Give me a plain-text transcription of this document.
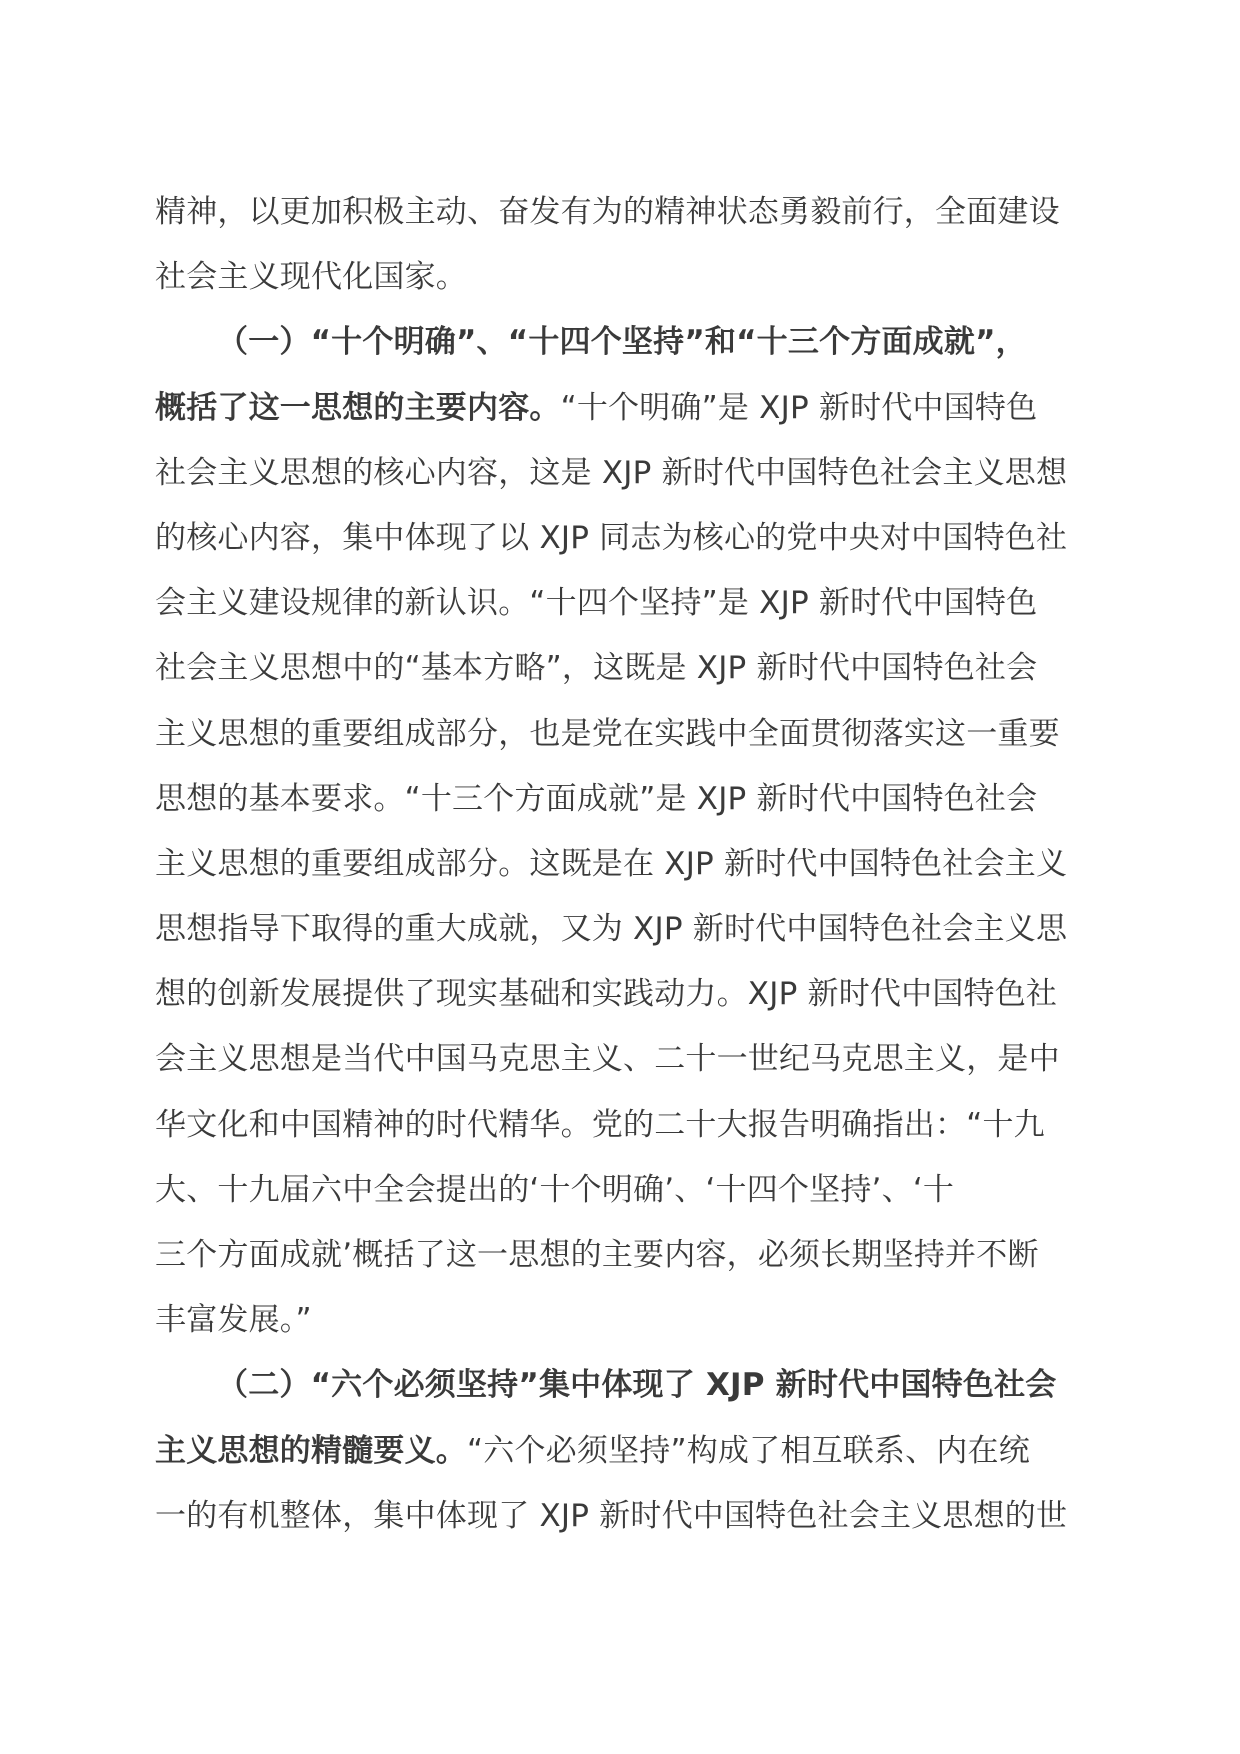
精神，以更加积极主动、奋发有为的精神状态勇毅前行，全面建设
社会主义现代化国家。
（一）“十个明确”、“十四个坚持”和“十三个方面成就”，
概括了这一思想的主要内容。“十个明确”是 XJP 新时代中国特色
社会主义思想的核心内容，这是 XJP 新时代中国特色社会主义思想
的核心内容，集中体现了以 XJP 同志为核心的党中央对中国特色社
会主义建设规律的新认识。“十四个坚持”是 XJP 新时代中国特色
社会主义思想中的“基本方略”，这既是 XJP 新时代中国特色社会
主义思想的重要组成部分，也是党在实践中全面贯彻落实这一重要
思想的基本要求。“十三个方面成就”是 XJP 新时代中国特色社会
主义思想的重要组成部分。这既是在 XJP 新时代中国特色社会主义
思想指导下取得的重大成就，又为 XJP 新时代中国特色社会主义思
想的创新发展提供了现实基础和实践动力。XJP 新时代中国特色社
会主义思想是当代中国马克思主义、二十一世纪马克思主义，是中
华文化和中国精神的时代精华。党的二十大报告明确指出：“十九
大、十九届六中全会提出的‘十个明确’、‘十四个坚持’、‘十
三个方面成就’概括了这一思想的主要内容，必须长期坚持并不断
丰富发展。”
（二）“六个必须坚持”集中体现了 XJP 新时代中国特色社会
主义思想的精髓要义。“六个必须坚持”构成了相互联系、内在统
一的有机整体，集中体现了 XJP 新时代中国特色社会主义思想的世
